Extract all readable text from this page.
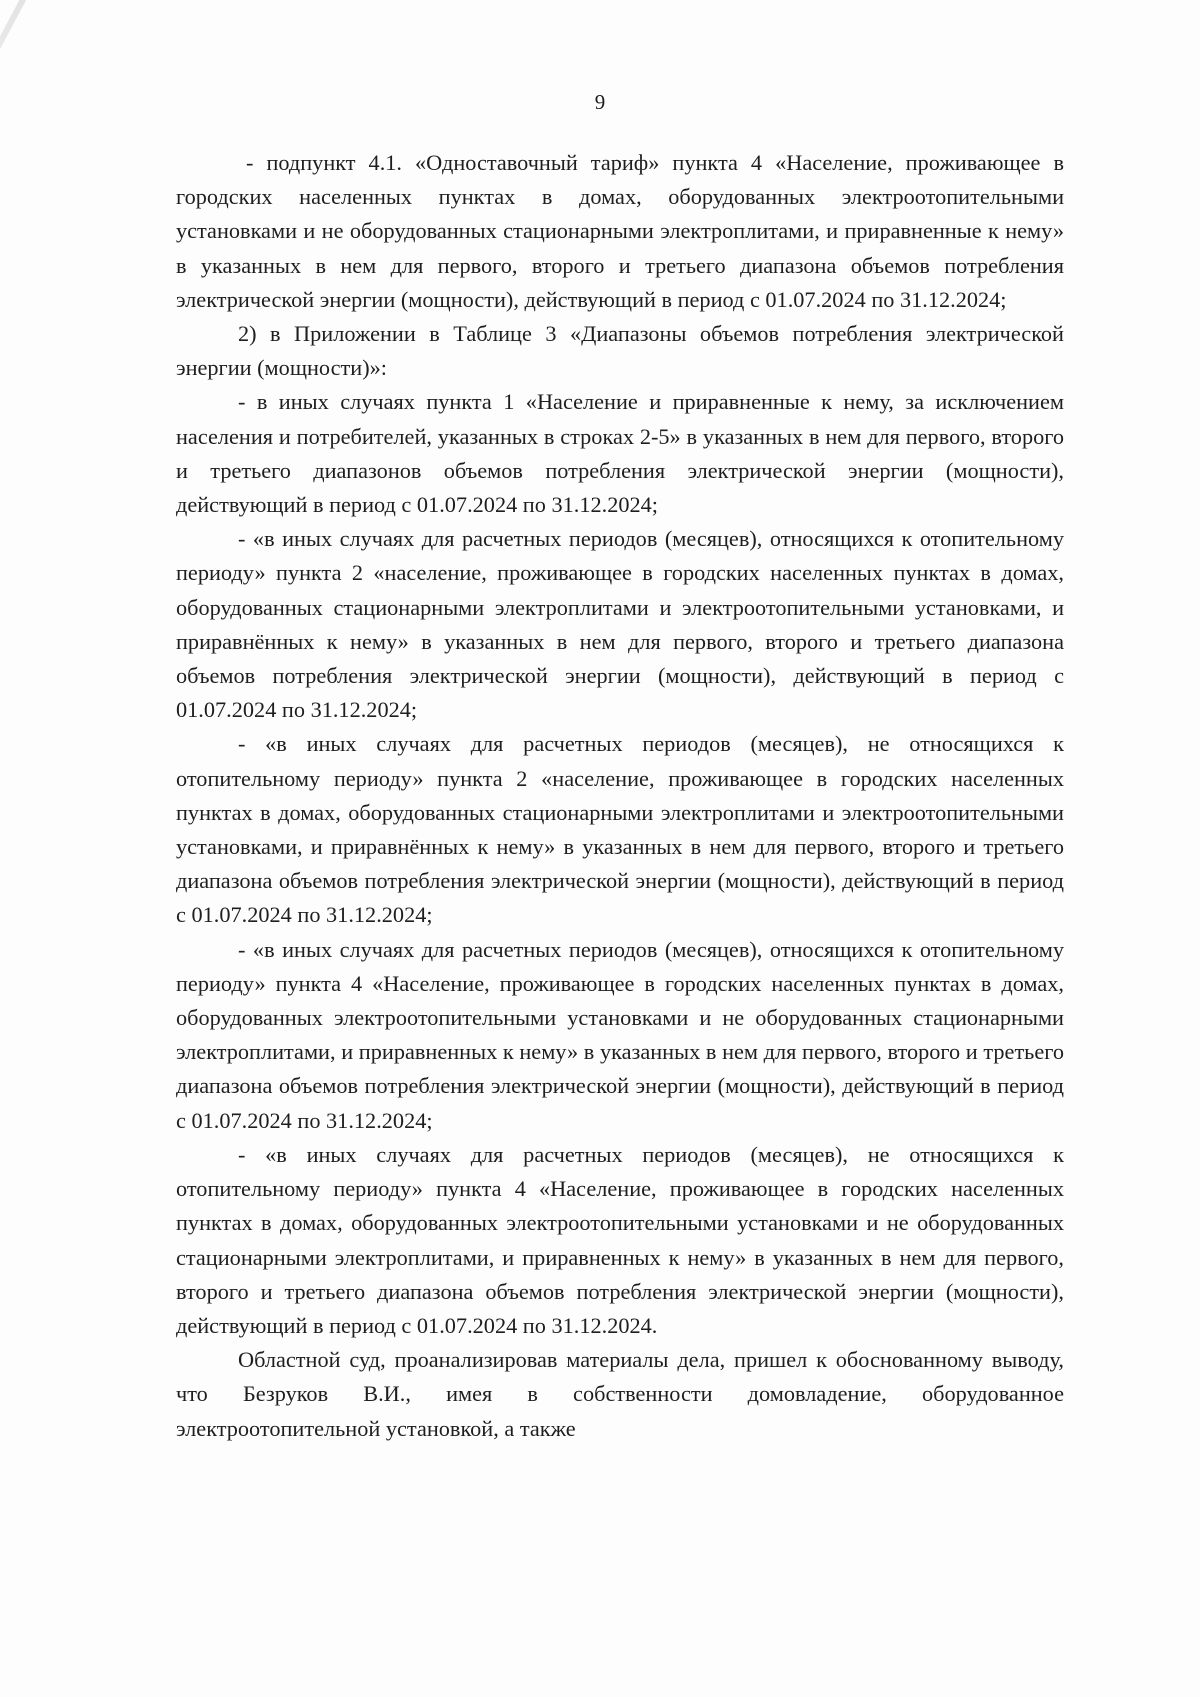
9

- подпункт 4.1. «Одноставочный тариф» пункта 4 «Население, проживающее в городских населенных пунктах в домах, оборудованных электроотопительными установками и не оборудованных стационарными электроплитами, и приравненные к нему» в указанных в нем для первого, второго и третьего диапазона объемов потребления электрической энергии (мощности), действующий в период с 01.07.2024 по 31.12.2024;

2) в Приложении в Таблице 3 «Диапазоны объемов потребления электрической энергии (мощности)»:

- в иных случаях пункта 1 «Население и приравненные к нему, за исключением населения и потребителей, указанных в строках 2-5» в указанных в нем для первого, второго и третьего диапазонов объемов потребления электрической энергии (мощности), действующий в период с 01.07.2024 по 31.12.2024;

- «в иных случаях для расчетных периодов (месяцев), относящихся к отопительному периоду» пункта 2 «население, проживающее в городских населенных пунктах в домах, оборудованных стационарными электроплитами и электроотопительными установками, и приравнённых к нему» в указанных в нем для первого, второго и третьего диапазона объемов потребления электрической энергии (мощности), действующий в период с 01.07.2024 по 31.12.2024;

- «в иных случаях для расчетных периодов (месяцев), не относящихся к отопительному периоду» пункта 2 «население, проживающее в городских населенных пунктах в домах, оборудованных стационарными электроплитами и электроотопительными установками, и приравнённых к нему» в указанных в нем для первого, второго и третьего диапазона объемов потребления электрической энергии (мощности), действующий в период с 01.07.2024 по 31.12.2024;

- «в иных случаях для расчетных периодов (месяцев), относящихся к отопительному периоду» пункта 4 «Население, проживающее в городских населенных пунктах в домах, оборудованных электроотопительными установками и не оборудованных стационарными электроплитами, и приравненных к нему» в указанных в нем для первого, второго и третьего диапазона объемов потребления электрической энергии (мощности), действующий в период с 01.07.2024 по 31.12.2024;

- «в иных случаях для расчетных периодов (месяцев), не относящихся к отопительному периоду» пункта 4 «Население, проживающее в городских населенных пунктах в домах, оборудованных электроотопительными установками и не оборудованных стационарными электроплитами, и приравненных к нему» в указанных в нем для первого, второго и третьего диапазона объемов потребления электрической энергии (мощности), действующий в период с 01.07.2024 по 31.12.2024.

Областной суд, проанализировав материалы дела, пришел к обоснованному выводу, что Безруков В.И., имея в собственности домовладение, оборудованное электроотопительной установкой, а также
